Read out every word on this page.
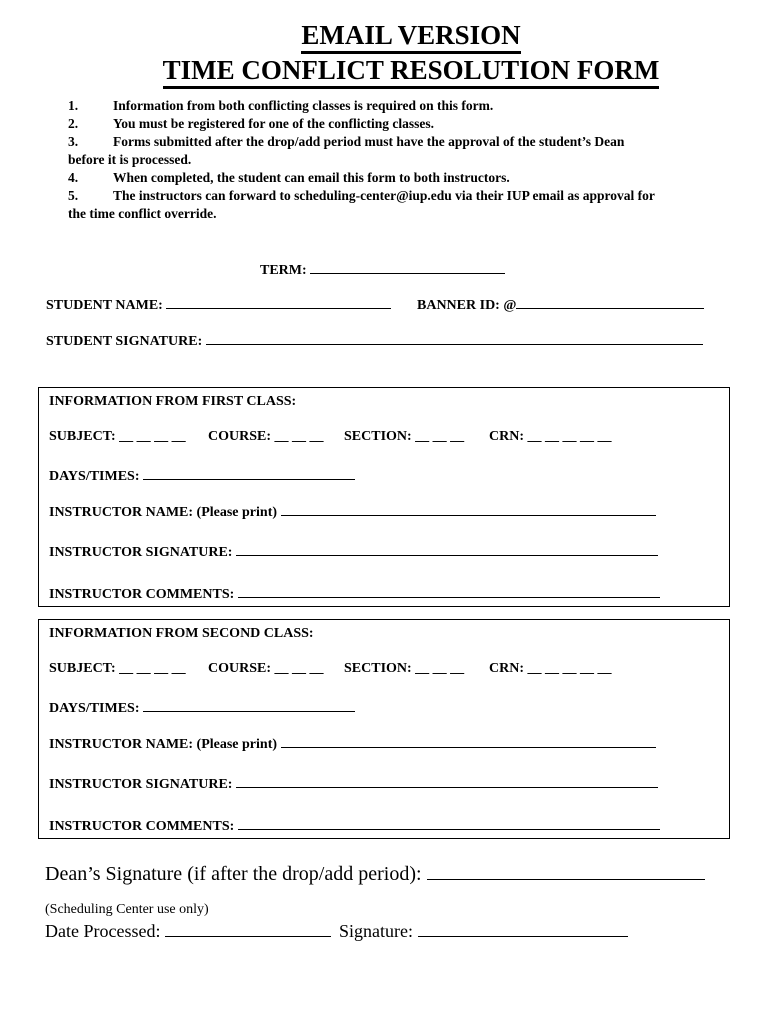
EMAIL VERSION
TIME CONFLICT RESOLUTION FORM
1.	Information from both conflicting classes is required on this form.
2.	You must be registered for one of the conflicting classes.
3.	Forms submitted after the drop/add period must have the approval of the student’s Dean
before it is processed.
4.	When completed, the student can email this form to both instructors.
5.	The instructors can forward to scheduling-center@iup.edu via their IUP email as approval for
the time conflict override.
TERM:
STUDENT NAME:	BANNER ID: @
STUDENT SIGNATURE:
INFORMATION FROM FIRST CLASS:
SUBJECT: __ __ __ __ COURSE: __ __ __ SECTION: __ __ __ CRN: __ __ __ __ __
DAYS/TIMES:
INSTRUCTOR NAME: (Please print)
INSTRUCTOR SIGNATURE:
INSTRUCTOR COMMENTS:
INFORMATION FROM SECOND CLASS:
SUBJECT: __ __ __ __ COURSE: __ __ __ SECTION: __ __ __ CRN: __ __ __ __ __
DAYS/TIMES:
INSTRUCTOR NAME: (Please print)
INSTRUCTOR SIGNATURE:
INSTRUCTOR COMMENTS:
Dean’s Signature (if after the drop/add period):
(Scheduling Center use only)
Date Processed:	Signature:
